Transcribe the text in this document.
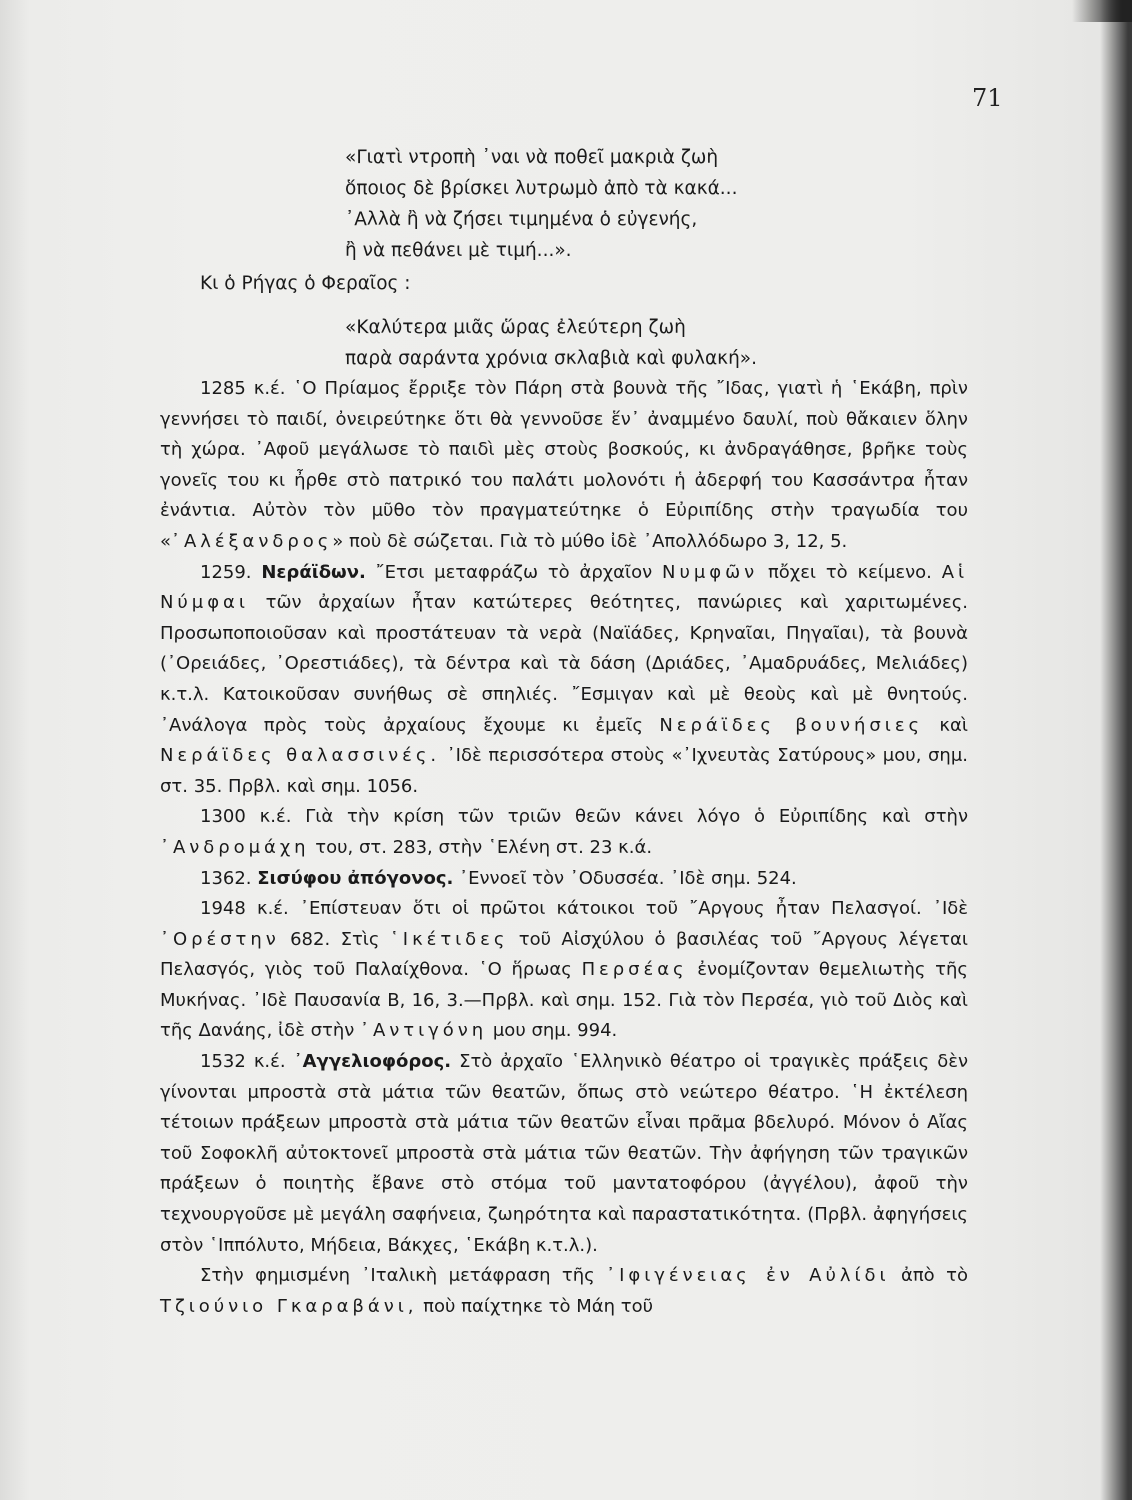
71
«Γιατὶ ντροπὴ ᾽ναι νὰ ποθεῖ μακριὰ ζωὴ
ὅποιος δὲ βρίσκει λυτρωμὸ ἀπὸ τὰ κακά...
᾽Αλλὰ ἢ νὰ ζήσει τιμημένα ὁ εὐγενής,
ἢ νὰ πεθάνει μὲ τιμή...».
Κι ὁ Ρήγας ὁ Φεραῖος :
«Καλύτερα μιᾶς ὥρας ἐλεύτερη ζωὴ
παρὰ σαράντα χρόνια σκλαβιὰ καὶ φυλακή».

1285 κ.έ. ῾Ο Πρίαμος ἔρριξε τὸν Πάρη στὰ βουνὰ τῆς ῎Ιδας, γιατὶ ἡ ῾Εκάβη, πρὶν γεννήσει τὸ παιδί, ὀνειρεύτηκε ὅτι θὰ γεννοῦσε ἕν᾽ ἀναμμένο δαυλί, ποὺ θἄκαιεν ὅλην τὴ χώρα. ᾽Αφοῦ μεγάλωσε τὸ παιδὶ μὲς στοὺς βοσκούς, κι ἀνδραγάθησε, βρῆκε τοὺς γονεῖς του κι ἦρθε στὸ πατρικό του παλάτι μολονότι ἡ ἀδερφή του Κασσάντρα ἦταν ἐνάντια. Αὐτὸν τὸν μῦθο τὸν πραγματεύτηκε ὁ Εὐριπίδης στὴν τραγωδία του «᾽Αλέξανδρος» ποὺ δὲ σώζεται. Γιὰ τὸ μύθο ἰδὲ ᾽Απολλόδωρο 3, 12, 5.

1259. Νεράϊδων. ῎Ετσι μεταφράζω τὸ ἀρχαῖον Νυμφῶν πὄχει τὸ κείμενο. Αἱ Νύμφαι τῶν ἀρχαίων ἦταν κατώτερες θεότητες, πανώριες καὶ χαριτωμένες. Προσωποποιοῦσαν καὶ προστάτευαν τὰ νερὰ (Ναϊάδες, Κρηναῖαι, Πηγαῖαι), τὰ βουνὰ (᾽Ορειάδες, ᾽Ορεστιάδες), τὰ δέντρα καὶ τὰ δάση (Δριάδες, ᾽Αμαδρυάδες, Μελιάδες) κ.τ.λ. Κατοικοῦσαν συνήθως σὲ σπηλιές. ῎Εσμιγαν καὶ μὲ θεοὺς καὶ μὲ θνητούς. ᾽Ανάλογα πρὸς τοὺς ἀρχαίους ἔχουμε κι ἐμεῖς Νεράϊδες βουνήσιες καὶ Νεράϊδες θαλασσινές. ᾽Ιδὲ περισσότερα στοὺς «᾽Ιχνευτὰς Σατύρους» μου, σημ. στ. 35. Πρβλ. καὶ σημ. 1056.

1300 κ.έ. Γιὰ τὴν κρίση τῶν τριῶν θεῶν κάνει λόγο ὁ Εὐριπίδης καὶ στὴν ᾽Ανδρομάχη του, στ. 283, στὴν ῾Ελένη στ. 23 κ.ά.

1362. Σισύφου ἀπόγονος. ᾽Εννοεῖ τὸν ᾽Οδυσσέα. ᾽Ιδὲ σημ. 524.

1948 κ.έ. ᾽Επίστευαν ὅτι οἱ πρῶτοι κάτοικοι τοῦ ῎Αργους ἦταν Πελασγοί. ᾽Ιδὲ ᾽Ορέστην 682. Στὶς ῾Ικέτιδες τοῦ Αἰσχύλου ὁ βασιλέας τοῦ ῎Αργους λέγεται Πελασγός, γιὸς τοῦ Παλαίχθονα. ῾Ο ἥρωας Περσέας ἐνομίζονταν θεμελιωτὴς τῆς Μυκήνας. ᾽Ιδὲ Παυσανία Β, 16, 3.—Πρβλ. καὶ σημ. 152. Γιὰ τὸν Περσέα, γιὸ τοῦ Διὸς καὶ τῆς Δανάης, ἰδὲ στὴν ᾽Αντιγόνη μου σημ. 994.

1532 κ.έ. ᾽Αγγελιοφόρος. Στὸ ἀρχαῖο ῾Ελληνικὸ θέατρο οἱ τραγικὲς πράξεις δὲν γίνονται μπροστὰ στὰ μάτια τῶν θεατῶν, ὅπως στὸ νεώτερο θέατρο. ῾Η ἐκτέλεση τέτοιων πράξεων μπροστὰ στὰ μάτια τῶν θεατῶν εἶναι πρᾶμα βδελυρό. Μόνον ὁ Αἴας τοῦ Σοφοκλῆ αὐτοκτονεῖ μπροστὰ στὰ μάτια τῶν θεατῶν. Τὴν ἀφήγηση τῶν τραγικῶν πράξεων ὁ ποιητὴς ἔβανε στὸ στόμα τοῦ μαντατοφόρου (ἀγγέλου), ἀφοῦ τὴν τεχνουργοῦσε μὲ μεγάλη σαφήνεια, ζωηρότητα καὶ παραστατικότητα. (Πρβλ. ἀφηγήσεις στὸν ῾Ιππόλυτο, Μήδεια, Βάκχες, ῾Εκάβη κ.τ.λ.).

Στὴν φημισμένη ᾽Ιταλικὴ μετάφραση τῆς ᾽Ιφιγένειας ἐν Αὐλίδι ἀπὸ τὸ Τζιούνιο Γκαραβάνι, ποὺ παίχτηκε τὸ Μάη τοῦ
